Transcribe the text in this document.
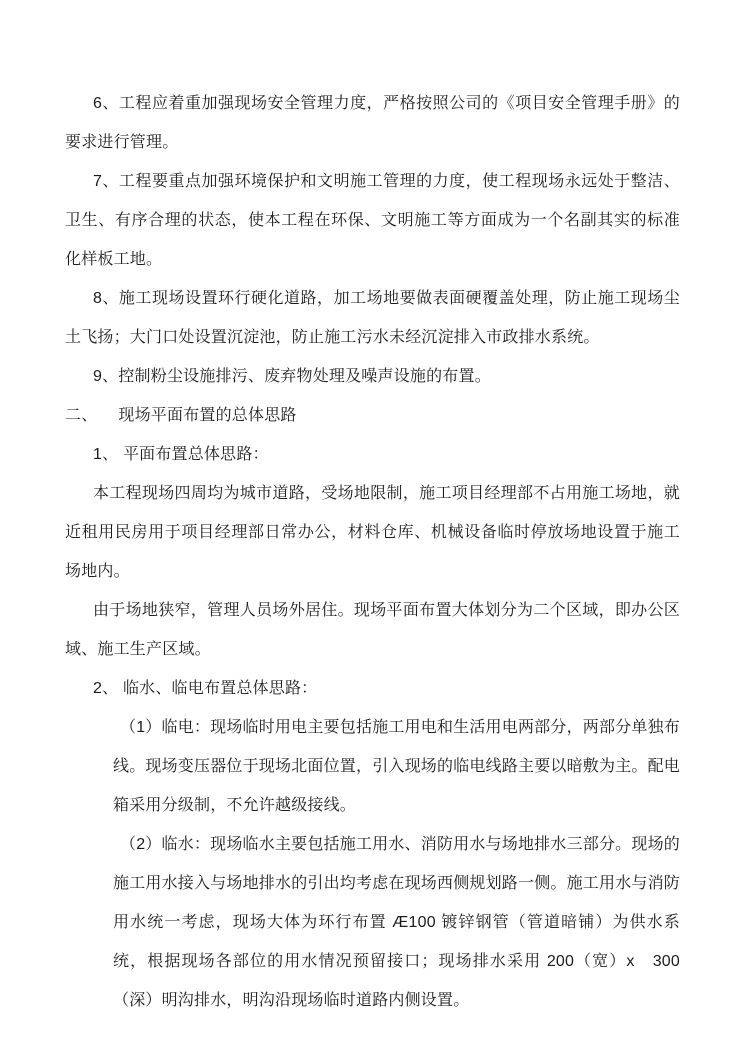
6、工程应着重加强现场安全管理力度，严格按照公司的《项目安全管理手册》的要求进行管理。

7、工程要重点加强环境保护和文明施工管理的力度，使工程现场永远处于整洁、卫生、有序合理的状态，使本工程在环保、文明施工等方面成为一个名副其实的标准化样板工地。

8、施工现场设置环行硬化道路，加工场地要做表面硬覆盖处理，防止施工现场尘土飞扬；大门口处设置沉淀池，防止施工污水未经沉淀排入市政排水系统。

9、控制粉尘设施排污、废弃物处理及噪声设施的布置。

二、 现场平面布置的总体思路

1、 平面布置总体思路：

本工程现场四周均为城市道路，受场地限制，施工项目经理部不占用施工场地，就近租用民房用于项目经理部日常办公，材料仓库、机械设备临时停放场地设置于施工场地内。

由于场地狭窄，管理人员场外居住。现场平面布置大体划分为二个区域，即办公区域、施工生产区域。

2、 临水、临电布置总体思路：

（1）临电：现场临时用电主要包括施工用电和生活用电两部分，两部分单独布线。现场变压器位于现场北面位置，引入现场的临电线路主要以暗敷为主。配电箱采用分级制，不允许越级接线。

（2）临水：现场临水主要包括施工用水、消防用水与场地排水三部分。现场的施工用水接入与场地排水的引出均考虑在现场西侧规划路一侧。施工用水与消防用水统一考虑，现场大体为环行布置 Æ100 镀锌钢管（管道暗铺）为供水系统，根据现场各部位的用水情况预留接口；现场排水采用 200（宽）x　300（深）明沟排水，明沟沿现场临时道路内侧设置。
